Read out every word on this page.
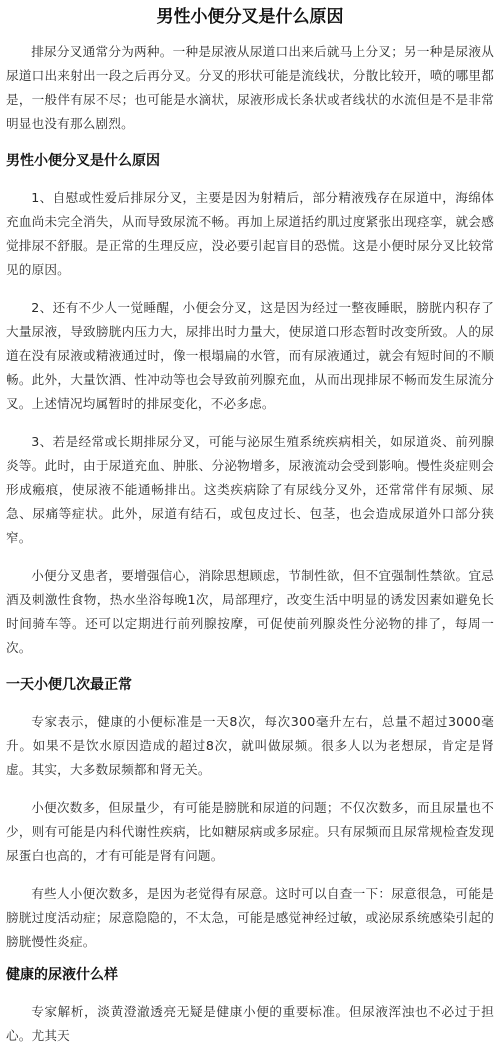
男性小便分叉是什么原因

排尿分叉通常分为两种。一种是尿液从尿道口出来后就马上分叉；另一种是尿液从尿道口出来射出一段之后再分叉。分叉的形状可能是流线状，分散比较开，喷的哪里都是，一般伴有尿不尽；也可能是水滴状，尿液形成长条状或者线状的水流但是不是非常明显也没有那么剧烈。

男性小便分叉是什么原因

1、自慰或性爱后排尿分叉，主要是因为射精后，部分精液残存在尿道中，海绵体充血尚未完全消失，从而导致尿流不畅。再加上尿道括约肌过度紧张出现痉挛，就会感觉排尿不舒服。是正常的生理反应，没必要引起盲目的恐慌。这是小便时尿分叉比较常见的原因。

2、还有不少人一觉睡醒，小便会分叉，这是因为经过一整夜睡眠，膀胱内积存了大量尿液，导致膀胱内压力大，尿排出时力量大，使尿道口形态暂时改变所致。人的尿道在没有尿液或精液通过时，像一根塌扁的水管，而有尿液通过，就会有短时间的不顺畅。此外，大量饮酒、性冲动等也会导致前列腺充血，从而出现排尿不畅而发生尿流分叉。上述情况均属暂时的排尿变化，不必多虑。

3、若是经常或长期排尿分叉，可能与泌尿生殖系统疾病相关，如尿道炎、前列腺炎等。此时，由于尿道充血、肿胀、分泌物增多，尿液流动会受到影响。慢性炎症则会形成瘢痕，使尿液不能通畅排出。这类疾病除了有尿线分叉外，还常常伴有尿频、尿急、尿痛等症状。此外，尿道有结石，或包皮过长、包茎，也会造成尿道外口部分狭窄。

小便分叉患者，要增强信心，消除思想顾虑，节制性欲，但不宜强制性禁欲。宜忌酒及刺激性食物，热水坐浴每晚1次，局部理疗，改变生活中明显的诱发因素如避免长时间骑车等。还可以定期进行前列腺按摩，可促使前列腺炎性分泌物的排了，每周一次。

一天小便几次最正常

专家表示，健康的小便标准是一天8次，每次300毫升左右，总量不超过3000毫升。如果不是饮水原因造成的超过8次，就叫做尿频。很多人以为老想尿，肯定是肾虚。其实，大多数尿频都和肾无关。

小便次数多，但尿量少，有可能是膀胱和尿道的问题；不仅次数多，而且尿量也不少，则有可能是内科代谢性疾病，比如糖尿病或多尿症。只有尿频而且尿常规检查发现尿蛋白也高的，才有可能是肾有问题。

有些人小便次数多，是因为老觉得有尿意。这时可以自查一下：尿意很急，可能是膀胱过度活动症；尿意隐隐的，不太急，可能是感觉神经过敏，或泌尿系统感染引起的膀胱慢性炎症。

健康的尿液什么样

专家解析，淡黄澄澈透亮无疑是健康小便的重要标准。但尿液浑浊也不必过于担心。尤其天
